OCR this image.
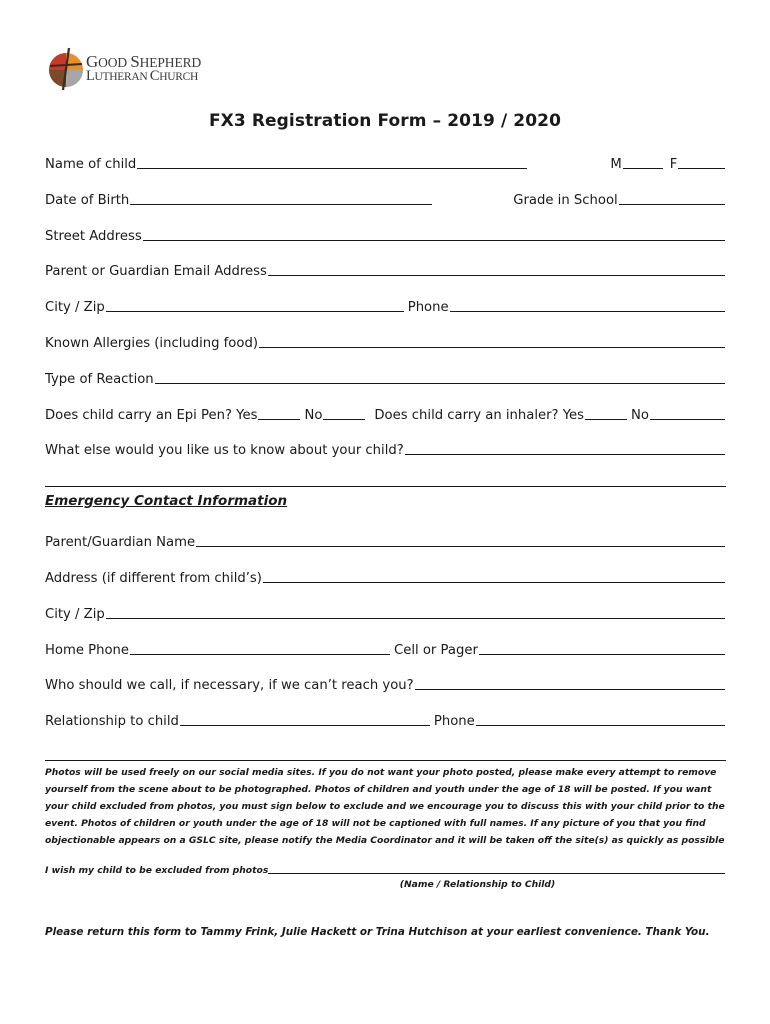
GOOD SHEPHERD
LUTHERAN CHURCH
FX3 Registration Form – 2019 / 2020
Name of child	M	F
Date of Birth	Grade in School
Street Address
Parent or Guardian Email Address
City / Zip	Phone
Known Allergies (including food)
Type of Reaction
Does child carry an Epi Pen? Yes	No	Does child carry an inhaler? Yes	No
What else would you like us to know about your child?
Emergency Contact Information
Parent/Guardian Name
Address (if different from child’s)
City / Zip
Home Phone	Cell or Pager
Who should we call, if necessary, if we can’t reach you?
Relationship to child	Phone
Photos will be used freely on our social media sites. If you do not want your photo posted, please make every attempt to remove yourself from the scene about to be photographed. Photos of children and youth under the age of 18 will be posted. If you want your child excluded from photos, you must sign below to exclude and we encourage you to discuss this with your child prior to the event. Photos of children or youth under the age of 18 will not be captioned with full names. If any picture of you that you find objectionable appears on a GSLC site, please notify the Media Coordinator and it will be taken off the site(s) as quickly as possible
I wish my child to be excluded from photos
(Name / Relationship to Child)
Please return this form to Tammy Frink, Julie Hackett or Trina Hutchison at your earliest convenience. Thank You.
